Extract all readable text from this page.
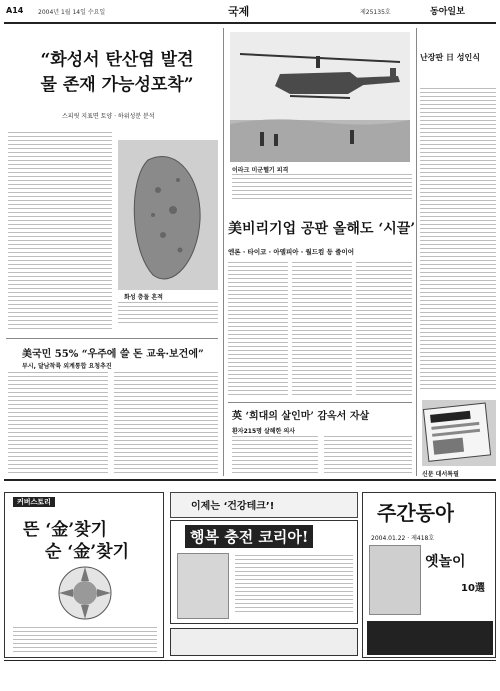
A14 2004년 1월 14일 수요일	국제	제25135호	동아일보
“화성서 탄산염 발견
물 존재 가능성포착”
스피릿 지표면 토양 · 하위성분 분석
화성 충돌 흔적
美국민 55% “우주에 쓸 돈 교육·보건에”
부시, 달남착륙 외계통합 요청추진
이라크 미군헬기 피격
美비리기업 공판 올해도 ‘시끌’
엔론 · 타이코 · 아델피아 · 월드컴 등 줄이어
英 ‘희대의 살인마’ 감옥서 자살
환자215명 살해한 의사
난장판 日 성인식
신문 대서특필
커버스토리
뜬 ‘金’찾기
순 ‘金’찾기
이제는 ‘건강테크’!
행복 충전 코리아!
주간동아
2004.01.22 · 제418호
옛놀이
10選
